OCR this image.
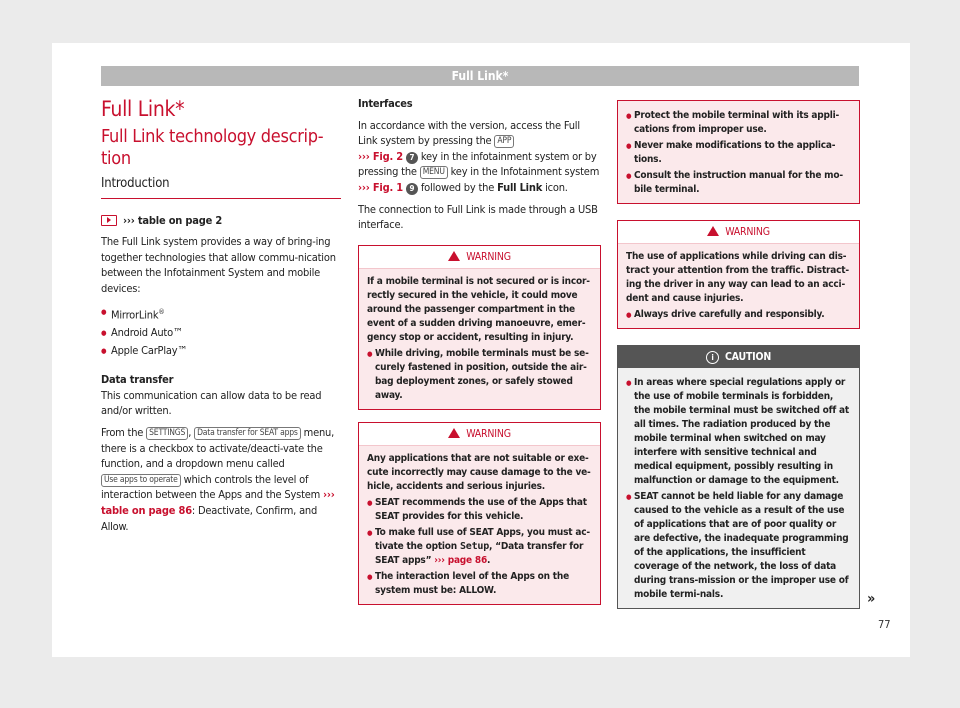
Full Link*
Full Link*
Full Link technology descrip-
tion
Introduction
››› table on page 2

The Full Link system provides a way of bring-ing together technologies that allow commu-nication between the Infotainment System and mobile devices:

● MirrorLink®
● Android Auto™
● Apple CarPlay™

Data transfer

This communication can allow data to be read and/or written.

From the SETTINGS , Data transfer for SEAT apps menu, there is a checkbox to activate/deacti-vate the function, and a dropdown menu called Use apps to operate which controls the level of interaction between the Apps and the System ››› table on page 86: Deactivate, Confirm, and Allow.

Interfaces

In accordance with the version, access the Full Link system by pressing the APP
››› Fig. 2 7 key in the infotainment system or by pressing the MENU key in the Infotainment system ››› Fig. 1 9 followed by the Full Link icon.

The connection to Full Link is made through a USB interface.

WARNING

If a mobile terminal is not secured or is incor-rectly secured in the vehicle, it could move around the passenger compartment in the event of a sudden driving manoeuvre, emer-gency stop or accident, resulting in injury.

● While driving, mobile terminals must be se-curely fastened in position, outside the air-bag deployment zones, or safely stowed away.
WARNING

Any applications that are not suitable or exe-cute incorrectly may cause damage to the ve-hicle, accidents and serious injuries.

● SEAT recommends the use of the Apps that SEAT provides for this vehicle.
● To make full use of SEAT Apps, you must ac-tivate the option Setup, “Data transfer for SEAT apps” ››› page 86.
● The interaction level of the Apps on the system must be: ALLOW.
● Protect the mobile terminal with its appli-cations from improper use.
● Never make modifications to the applica-tions.
● Consult the instruction manual for the mo-bile terminal.
WARNING

The use of applications while driving can dis-tract your attention from the traffic. Distract-ing the driver in any way can lead to an acci-dent and cause injuries.

● Always drive carefully and responsibly.
i CAUTION
● In areas where special regulations apply or the use of mobile terminals is forbidden, the mobile terminal must be switched off at all times. The radiation produced by the mobile terminal when switched on may interfere with sensitive technical and medical equipment, possibly resulting in malfunction or damage to the equipment.
● SEAT cannot be held liable for any damage caused to the vehicle as a result of the use of applications that are of poor quality or are defective, the inadequate programming of the applications, the insufficient coverage of the network, the loss of data during trans-mission or the improper use of mobile termi-nals.	»
77
